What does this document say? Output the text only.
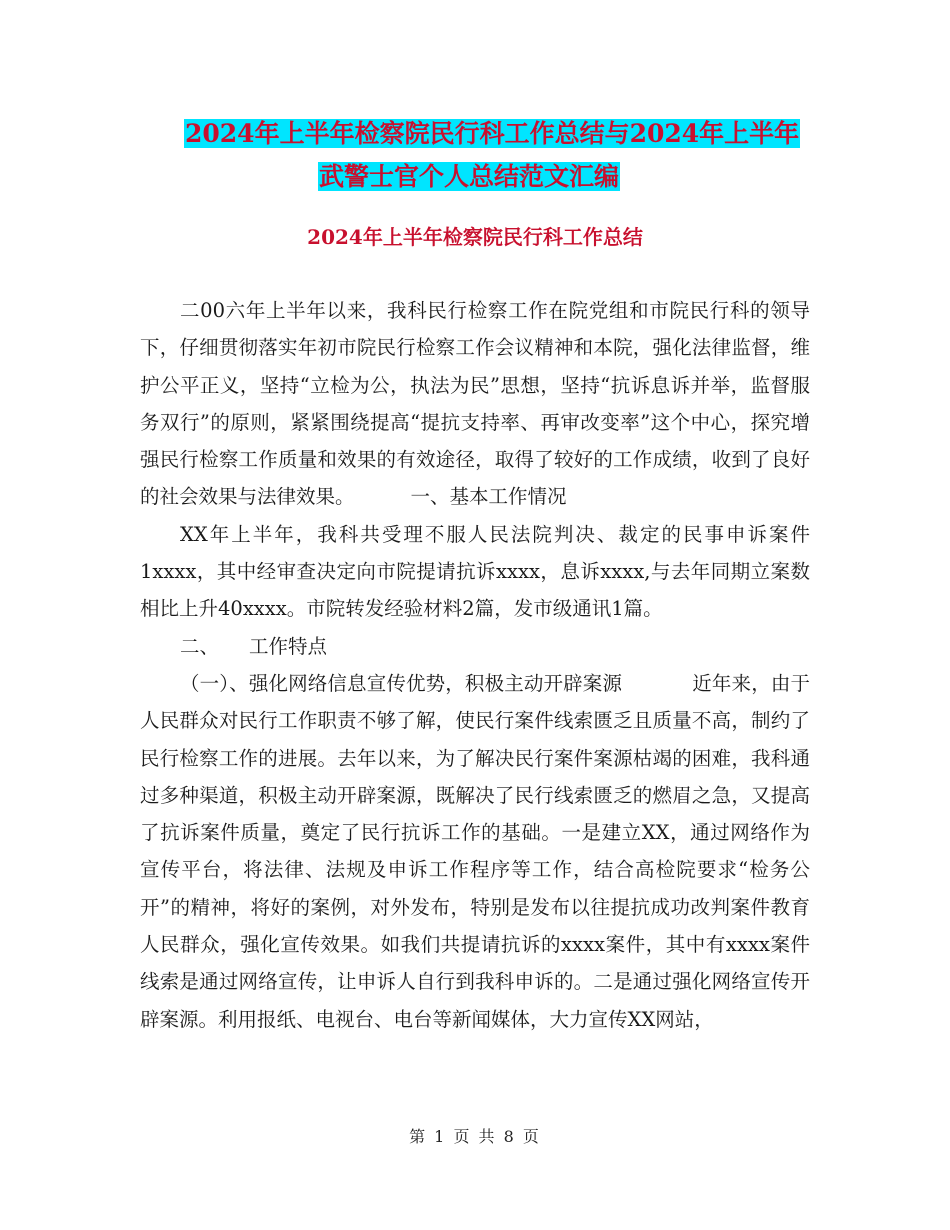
2024年上半年检察院民行科工作总结与2024年上半年
武警士官个人总结范文汇编
2024年上半年检察院民行科工作总结

二00六年上半年以来，我科民行检察工作在院党组和市院民行科的领导下，仔细贯彻落实年初市院民行检察工作会议精神和本院，强化法律监督，维护公平正义，坚持“立检为公，执法为民”思想，坚持“抗诉息诉并举，监督服务双行”的原则，紧紧围绕提高“提抗支持率、再审改变率”这个中心，探究增强民行检察工作质量和效果的有效途径，取得了较好的工作成绩，收到了良好的社会效果与法律效果。	一、基本工作情况

XX年上半年，我科共受理不服人民法院判决、裁定的民事申诉案件1xxxx，其中经审查决定向市院提请抗诉xxxx，息诉xxxx,与去年同期立案数相比上升40xxxx。市院转发经验材料2篇，发市级通讯1篇。

二、 工作特点

（一）、强化网络信息宣传优势，积极主动开辟案源	近年来，由于人民群众对民行工作职责不够了解，使民行案件线索匮乏且质量不高，制约了民行检察工作的进展。去年以来，为了解决民行案件案源枯竭的困难，我科通过多种渠道，积极主动开辟案源，既解决了民行线索匮乏的燃眉之急，又提高了抗诉案件质量，奠定了民行抗诉工作的基础。一是建立XX，通过网络作为宣传平台，将法律、法规及申诉工作程序等工作，结合高检院要求“检务公开”的精神，将好的案例，对外发布，特别是发布以往提抗成功改判案件教育人民群众，强化宣传效果。如我们共提请抗诉的xxxx案件，其中有xxxx案件线索是通过网络宣传，让申诉人自行到我科申诉的。二是通过强化网络宣传开辟案源。利用报纸、电视台、电台等新闻媒体，大力宣传XX网站，

第 1 页 共 8 页
